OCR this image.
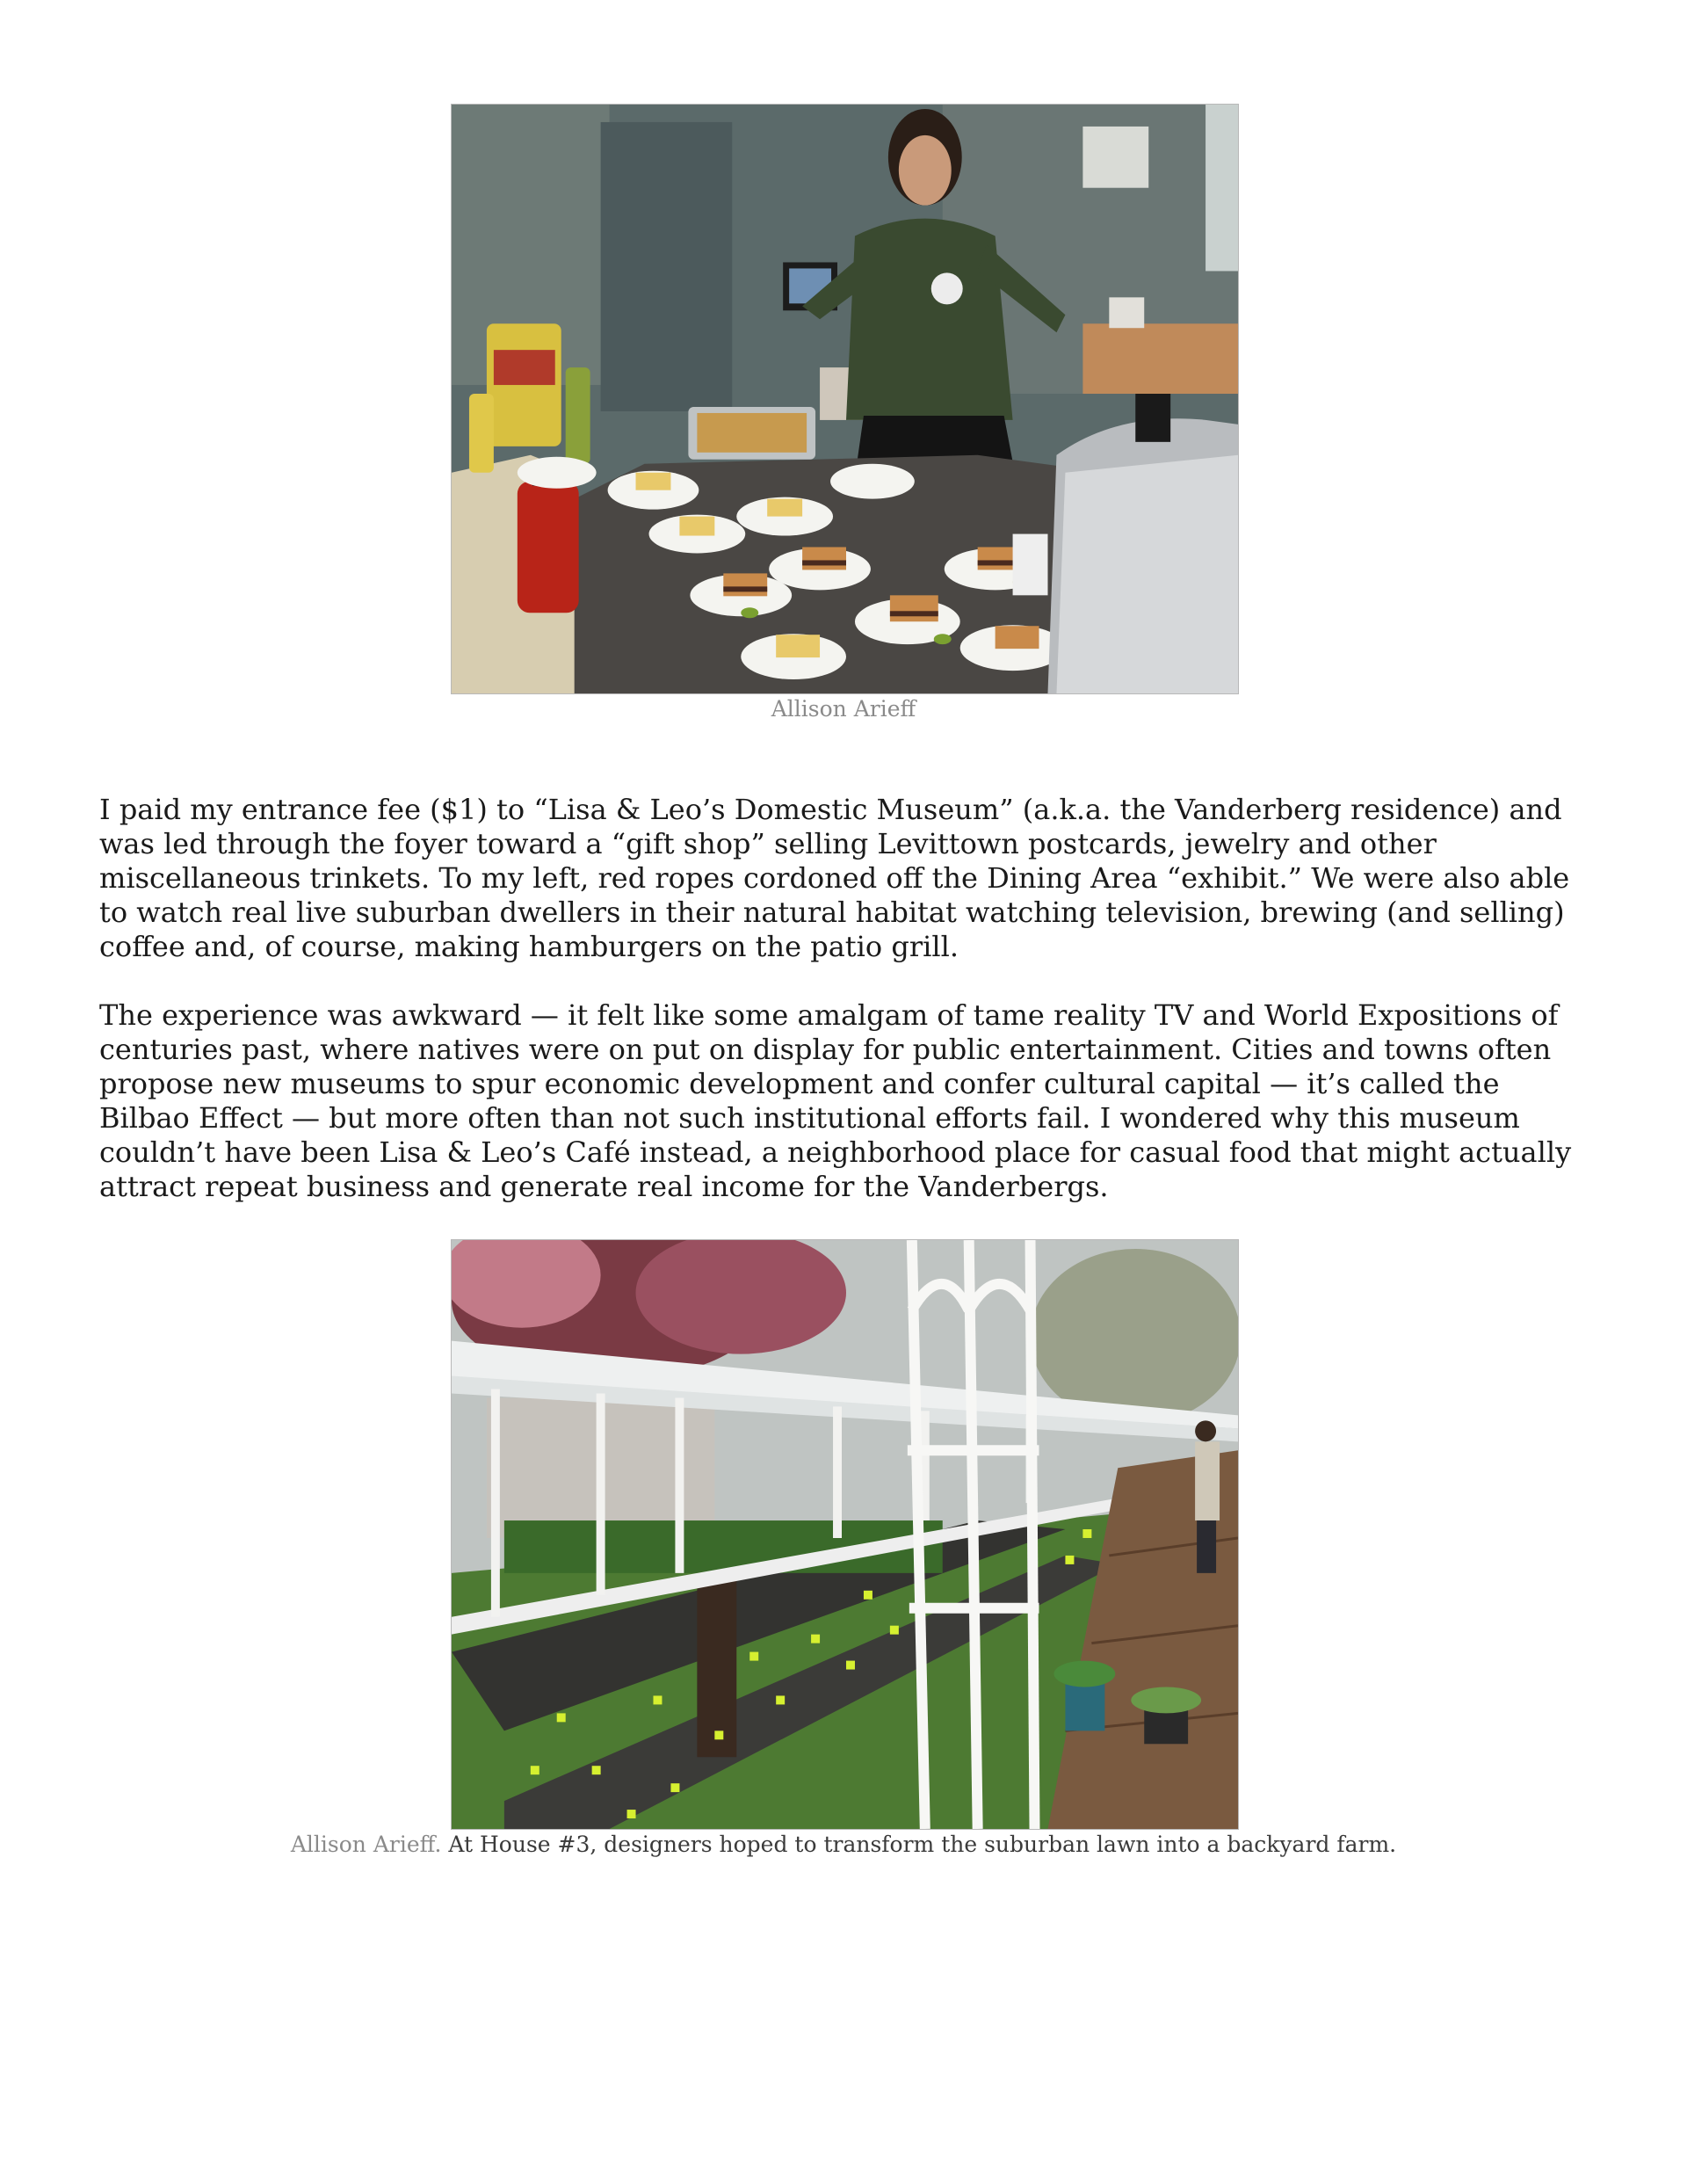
Allison Arieff

I paid my entrance fee ($1) to “Lisa & Leo’s Domestic Museum” (a.k.a. the Vanderberg residence) and was led through the foyer toward a “gift shop” selling Levittown postcards, jewelry and other miscellaneous trinkets. To my left, red ropes cordoned off the Dining Area “exhibit.” We were also able to watch real live suburban dwellers in their natural habitat watching television, brewing (and selling) coffee and, of course, making hamburgers on the patio grill.

The experience was awkward — it felt like some amalgam of tame reality TV and World Expositions of centuries past, where natives were on put on display for public entertainment. Cities and towns often propose new museums to spur economic development and confer cultural capital — it’s called the Bilbao Effect — but more often than not such institutional efforts fail. I wondered why this museum couldn’t have been Lisa & Leo’s Café instead, a neighborhood place for casual food that might actually attract repeat business and generate real income for the Vanderbergs.

Allison Arieff. At House #3, designers hoped to transform the suburban lawn into a backyard farm.
